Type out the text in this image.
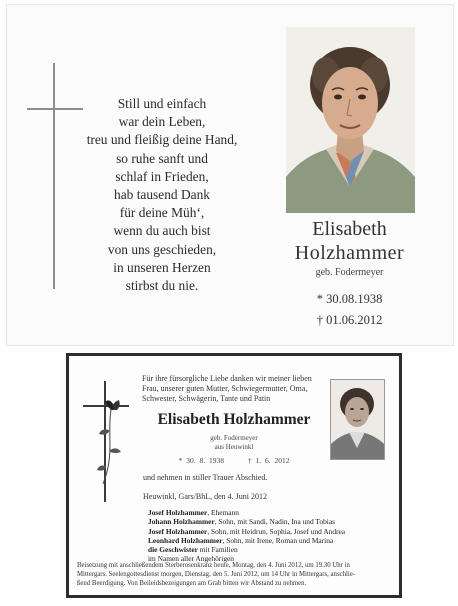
Still und einfach
war dein Leben,
treu und fleißig deine Hand,
so ruhe sanft und
schlaf in Frieden,
hab tausend Dank
für deine Müh‘,
wenn du auch bist
von uns geschieden,
in unseren Herzen
stirbst du nie.
Elisabeth
Holzhammer
geb. Fodermeyer
* 30.08.1938
† 01.06.2012
Für ihre fürsorgliche Liebe danken wir meiner lieben
Frau, unserer guten Mutter, Schwiegermutter, Oma,
Schwester, Schwägerin, Tante und Patin
Elisabeth Holzhammer
geb. Fodermeyer
aus Heuwinkl
* 30. 8. 1938	† 1. 6. 2012
und nehmen in stiller Trauer Abschied.
Heuwinkl, Gars/BhL, den 4. Juni 2012
Josef Holzhammer, Ehemann
Johann Holzhammer, Sohn, mit Sandi, Nadin, Ina und Tobias
Josef Holzhammer, Sohn, mit Heidrun, Sophia, Josef und Andrea
Leonhard Holzhammer, Sohn, mit Irene, Roman und Marina
die Geschwister mit Familien
im Namen aller Angehörigen
Beisetzung mit anschließendem Sterberosenkranz heute, Montag, den 4. Juni 2012, um 19.30 Uhr in
Mittergars. Seelengottesdienst morgen, Dienstag, den 5. Juni 2012, um 14 Uhr in Mittergars, anschlie-
ßend Beerdigung. Von Beileidsbezeigungen am Grab bitten wir Abstand zu nehmen.
